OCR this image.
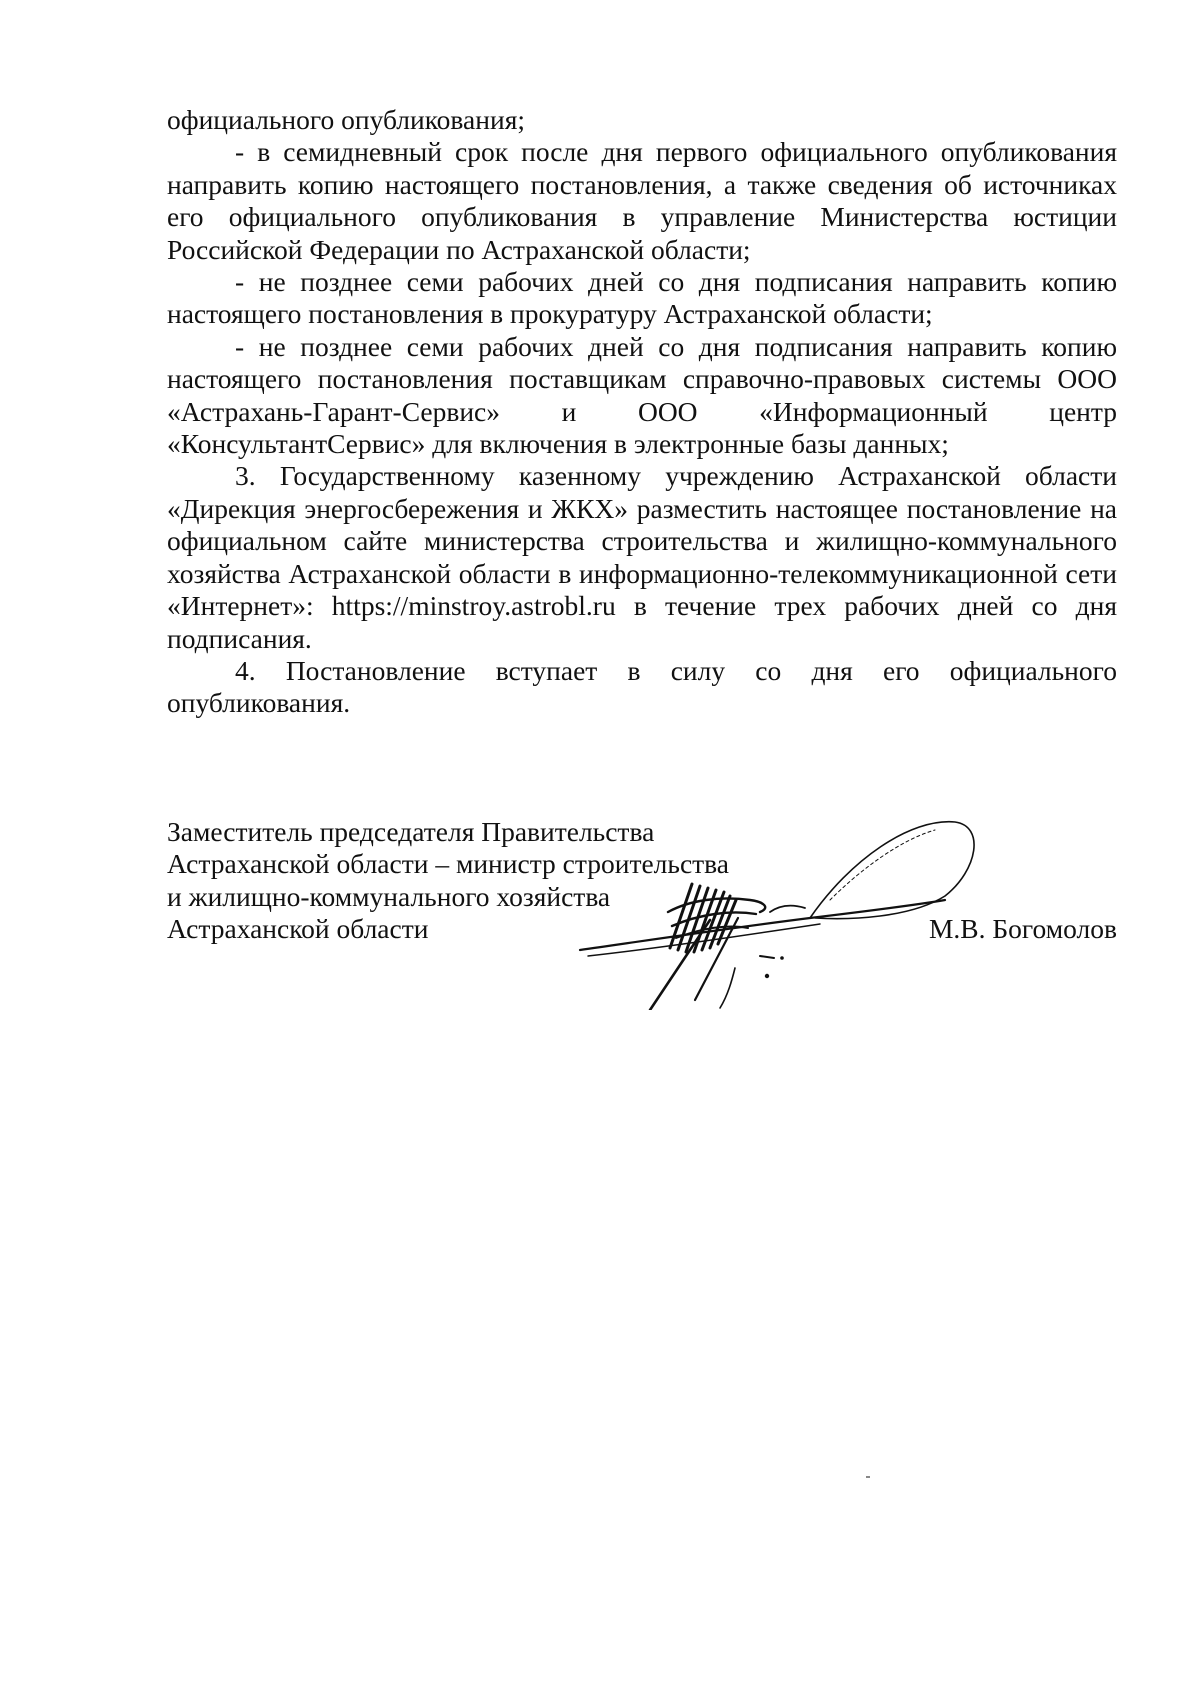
официального опубликования;

- в семидневный срок после дня первого официального опубликования направить копию настоящего постановления, а также сведения об источниках его официального опубликования в управление Министерства юстиции Российской Федерации по Астраханской области;

- не позднее семи рабочих дней со дня подписания направить копию настоящего постановления в прокуратуру Астраханской области;

- не позднее семи рабочих дней со дня подписания направить копию настоящего постановления поставщикам справочно-правовых системы ООО «Астрахань-Гарант-Сервис» и ООО «Информационный центр «КонсультантСервис» для включения в электронные базы данных;

3. Государственному казенному учреждению Астраханской области «Дирекция энергосбережения и ЖКХ» разместить настоящее постановление на официальном сайте министерства строительства и жилищно-коммунального хозяйства Астраханской области в информационно-телекоммуникационной сети «Интернет»: https://minstroy.astrobl.ru в течение трех рабочих дней со дня подписания.

4. Постановление вступает в силу со дня его официального опубликования.

Заместитель председателя Правительства
Астраханской области – министр строительства
и жилищно-коммунального хозяйства
Астраханской области	М.В. Богомолов
